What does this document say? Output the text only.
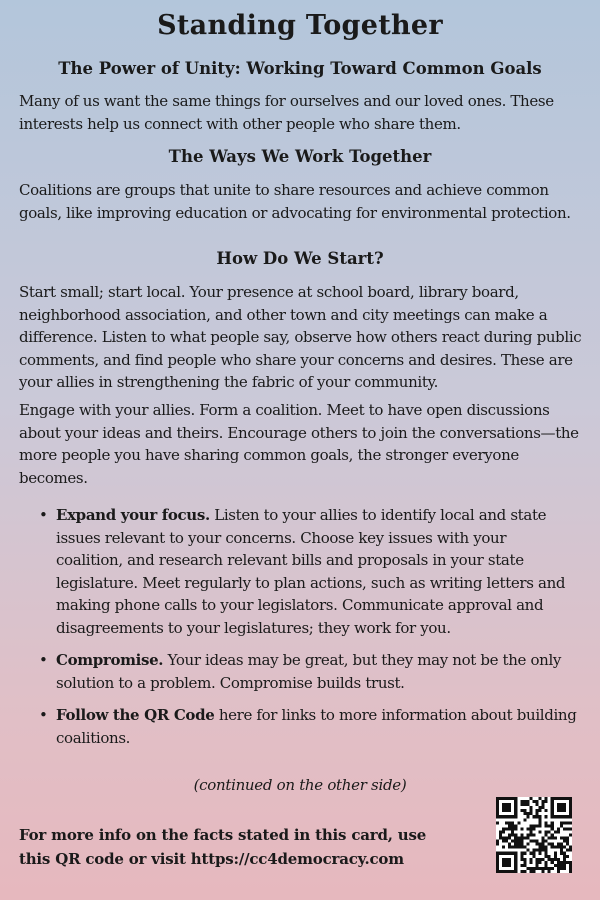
Standing Together
The Power of Unity: Working Toward Common Goals
Many of us want the same things for ourselves and our loved ones. These interests help us connect with other people who share them.
The Ways We Work Together
Coalitions are groups that unite to share resources and achieve common goals, like improving education or advocating for environmental protection.
How Do We Start?
Start small; start local. Your presence at school board, library board, neighborhood association, and other town and city meetings can make a difference. Listen to what people say, observe how others react during public comments, and find people who share your concerns and desires. These are your allies in strengthening the fabric of your community.
Engage with your allies. Form a coalition. Meet to have open discussions about your ideas and theirs. Encourage others to join the conversations—the more people you have sharing common goals, the stronger everyone becomes.
• Expand your focus. Listen to your allies to identify local and state issues relevant to your concerns. Choose key issues with your coalition, and research relevant bills and proposals in your state legislature. Meet regularly to plan actions, such as writing letters and making phone calls to your legislators. Communicate approval and disagreements to your legislatures; they work for you.
• Compromise. Your ideas may be great, but they may not be the only solution to a problem. Compromise builds trust.
• Follow the QR Code here for links to more information about building coalitions.
(continued on the other side)
For more info on the facts stated in this card, use
this QR code or visit https://cc4democracy.com
